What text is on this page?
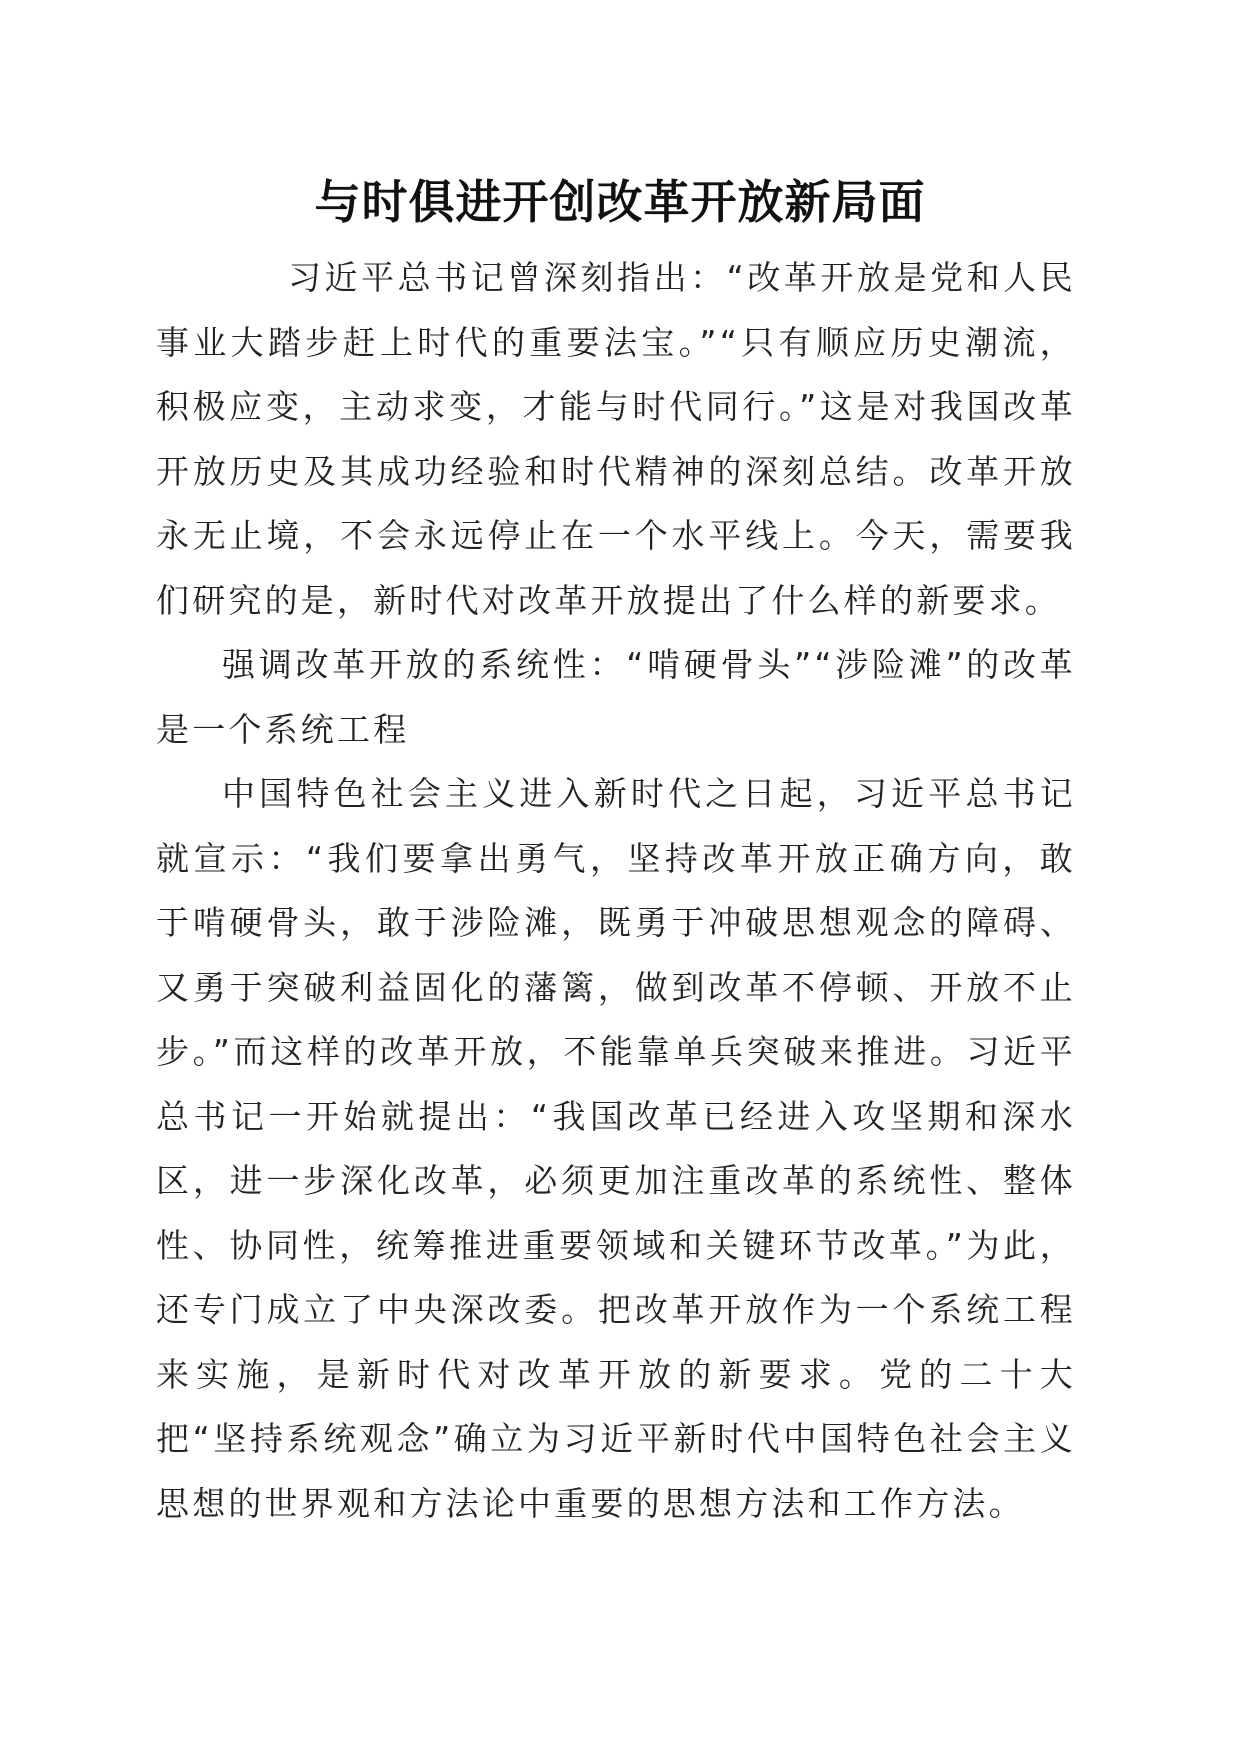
与时俱进开创改革开放新局面

习近平总书记曾深刻指出：“改革开放是党和人民事业大踏步赶上时代的重要法宝。”“只有顺应历史潮流，积极应变，主动求变，才能与时代同行。”这是对我国改革开放历史及其成功经验和时代精神的深刻总结。改革开放永无止境，不会永远停止在一个水平线上。今天，需要我们研究的是，新时代对改革开放提出了什么样的新要求。

强调改革开放的系统性：“啃硬骨头”“涉险滩”的改革是一个系统工程

中国特色社会主义进入新时代之日起，习近平总书记就宣示：“我们要拿出勇气，坚持改革开放正确方向，敢于啃硬骨头，敢于涉险滩，既勇于冲破思想观念的障碍、又勇于突破利益固化的藩篱，做到改革不停顿、开放不止步。”而这样的改革开放，不能靠单兵突破来推进。习近平总书记一开始就提出：“我国改革已经进入攻坚期和深水区，进一步深化改革，必须更加注重改革的系统性、整体性、协同性，统筹推进重要领域和关键环节改革。”为此，还专门成立了中央深改委。把改革开放作为一个系统工程来实施，是新时代对改革开放的新要求。党的二十大把“坚持系统观念”确立为习近平新时代中国特色社会主义思想的世界观和方法论中重要的思想方法和工作方法。
